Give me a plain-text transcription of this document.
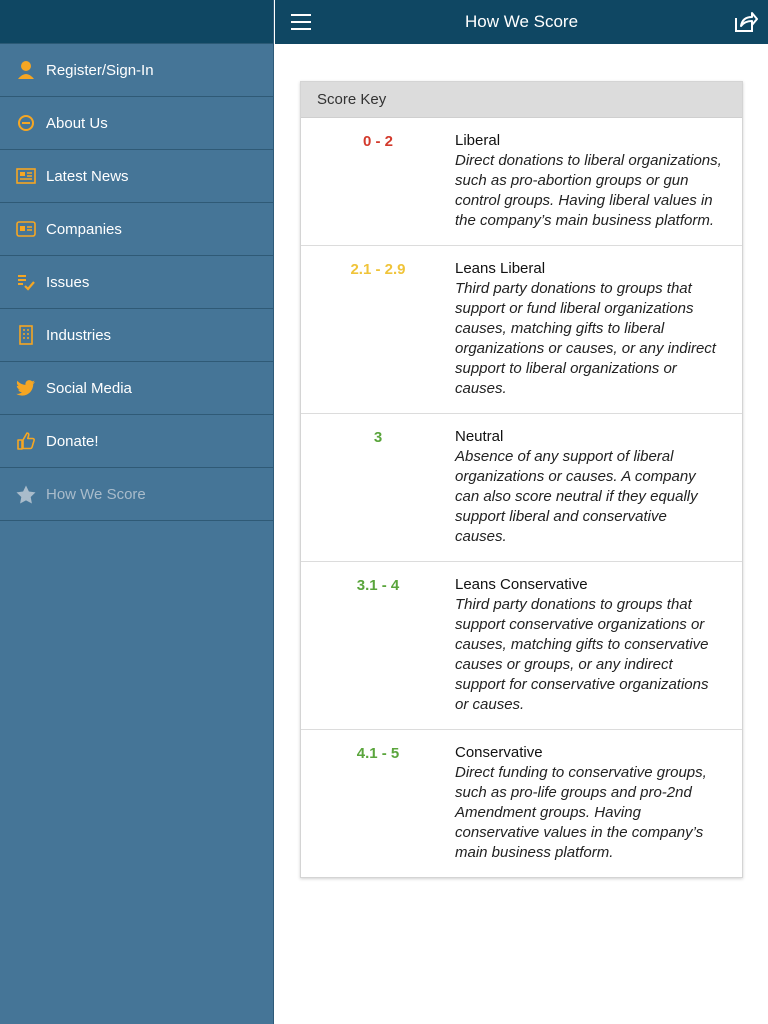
Register/Sign-In
About Us
Latest News
Companies
Issues
Industries
Social Media
Donate!
How We Score
How We Score
Score Key
0 - 2	Liberal
Direct donations to liberal organizations, such as pro-abortion groups or gun control groups. Having liberal values in the company’s main business platform.
2.1 - 2.9	Leans Liberal
Third party donations to groups that support or fund liberal organizations causes, matching gifts to liberal organizations or causes, or any indirect support to liberal organizations or causes.
3	Neutral
Absence of any support of liberal organizations or causes. A company can also score neutral if they equally support liberal and conservative causes.
3.1 - 4	Leans Conservative
Third party donations to groups that support conservative organizations or causes, matching gifts to conservative causes or groups, or any indirect support for conservative organizations or causes.
4.1 - 5	Conservative
Direct funding to conservative groups, such as pro-life groups and pro-2nd Amendment groups. Having conservative values in the company’s main business platform.
